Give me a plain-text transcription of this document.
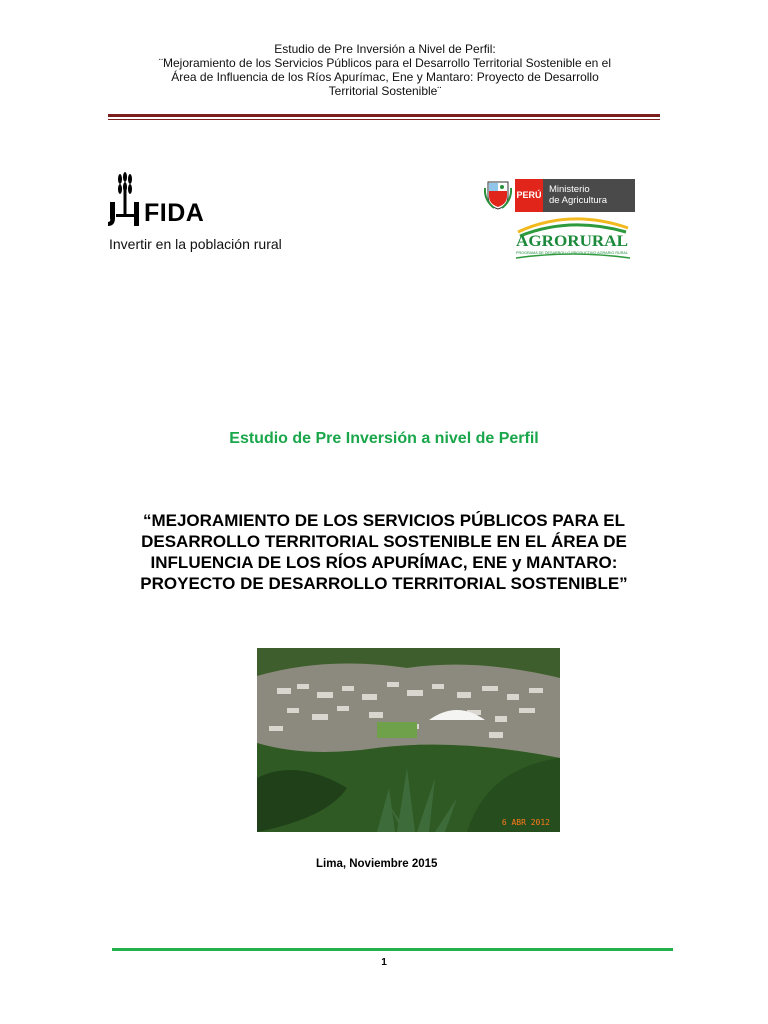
Estudio de Pre Inversión a Nivel de Perfil:
¨Mejoramiento de los Servicios Públicos para el Desarrollo Territorial Sostenible en el
Área de Influencia de los Ríos Apurímac, Ene y Mantaro: Proyecto de Desarrollo
Territorial Sostenible¨
FIDA
Invertir en la población rural
PERÚ Ministerio
de Agricultura
AGRORURAL
PROGRAMA DE DESARROLLO PRODUCTIVO AGRARIO RURAL
Estudio de Pre Inversión a nivel de Perfil
“MEJORAMIENTO DE LOS SERVICIOS PÚBLICOS PARA EL
DESARROLLO TERRITORIAL SOSTENIBLE EN EL ÁREA DE
INFLUENCIA DE LOS RÍOS APURÍMAC, ENE y MANTARO:
PROYECTO DE DESARROLLO TERRITORIAL SOSTENIBLE”
6 ABR 2012
Lima, Noviembre 2015
1
